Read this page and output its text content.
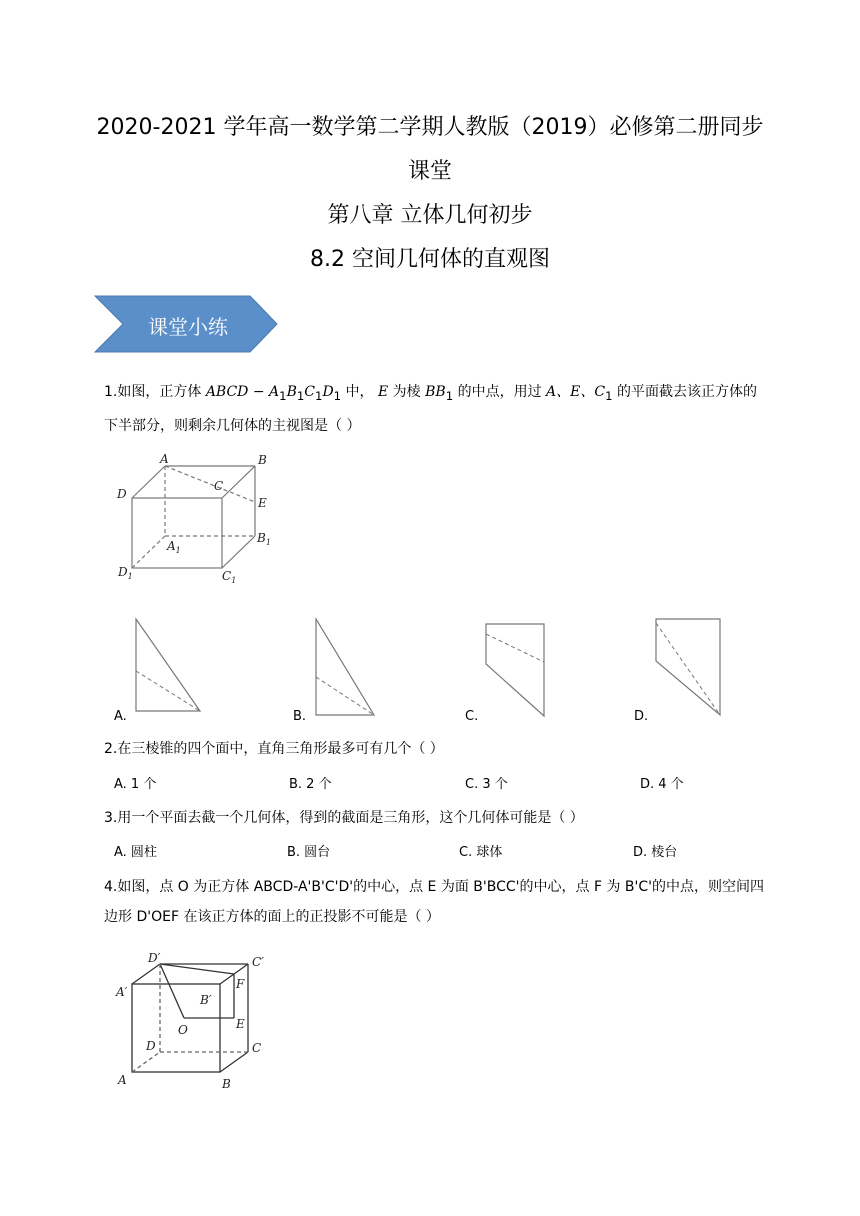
2020-2021 学年高一数学第二学期人教版（2019）必修第二册同步
课堂
第八章 立体几何初步
8.2 空间几何体的直观图
课堂小练
1.如图，正方体 ABCD − $A_1B_1C_1D_1$ 中， E 为棱 $BB_1$ 的中点，用过 A、E、$C_1$ 的平面截去该正方体的下半部分，则剩余几何体的主视图是（ ）
A	B
D
C
E
$A_1$
$B_1$
$D_1$	$C_1$
A.	B.	C.	D.
2.在三棱锥的四个面中，直角三角形最多可有几个（ ）
A. 1 个	B. 2 个	C. 3 个	D. 4 个
3.用一个平面去截一个几何体，得到的截面是三角形，这个几何体可能是（ ）
A. 圆柱	B. 圆台	C. 球体	D. 棱台
4.如图，点 O 为正方体 ABCD-A'B'C'D'的中心，点 E 为面 B'BCC'的中心，点 F 为 B'C'的中点，则空间四边形 D'OEF 在该正方体的面上的正投影不可能是（ ）
D′	C′
A′
B′
F
O	E
D	C
A	B
